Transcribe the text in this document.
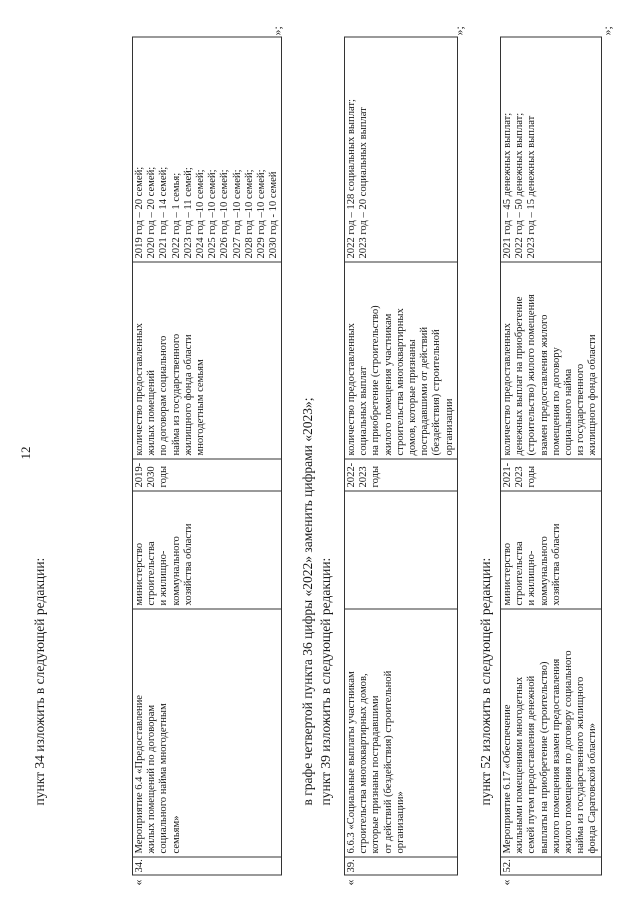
12
пункт 34 изложить в следующей редакции:
«
34.	
Мероприятие 6.4 «Предоставление жилых помещений по договорам социального найма многодетным семьям»

министерство строительства и жилищно- коммунального хозяйства области

2019- 2030 годы

количество предоставленных жилых помещений по договорам социального найма из государственного жилищного фонда области многодетным семьям

2019 год – 20 семей; 2020 год – 20 семей; 2021 год – 14 семей; 2022 год – 1 семья; 2023 год – 11 семей; 2024 год –10 семей; 2025 год –10 семей; 2026 год –10 семей; 2027 год –10 семей; 2028 год –10 семей; 2029 год –10 семей; 2030 год - 10 семей
»;
в графе четвертой пункта 36 цифры «2022» заменить цифрами «2023»; пункт 39 изложить в следующей редакции:
«
39.	
6.6.3 «Социальные выплаты участникам строительства многоквартирных домов, которые признаны пострадавшими от действий (бездействия) строительной организации»

2022- 2023 годы

количество предоставленных социальных выплат на приобретение (строительство) жилого помещения участникам строительства многоквартирных домов, которые признаны пострадавшими от действий (бездействия) строительной организации

2022 год – 128 социальных выплат; 2023 год – 20 социальных выплат
»;
пункт 52 изложить в следующей редакции:
«
52.	
Мероприятие 6.17 «Обеспечение жильными помещениями многодетных семей путем предоставления денежной выплаты на приобретение (строительство) жилого помещения взамен предоставления жилого помещения по договору социального найма из государственного жилищного фонда Саратовской области»

министерство строительства и жилищно- коммунального хозяйства области

2021- 2023 годы

количество предоставленных денежных выплат на приобретение (строительство) жилого помещения взамен предоставления жилого помещения по договору социального найма из государственного жилищного фонда области

2021 год – 45 денежных выплат; 2022 год – 50 денежных выплат; 2023 год – 15 денежных выплат
»;
